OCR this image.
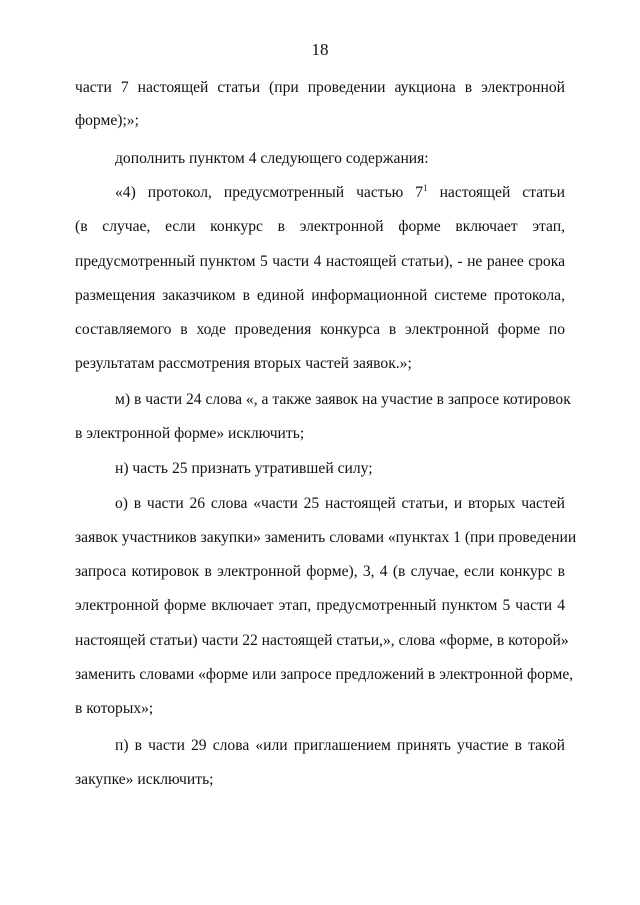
18
части 7 настоящей статьи (при проведении аукциона в электронной
форме);»;
дополнить пунктом 4 следующего содержания:
«4) протокол, предусмотренный частью $7^1$ настоящей статьи
(в случае, если конкурс в электронной форме включает этап,
предусмотренный пунктом 5 части 4 настоящей статьи), - не ранее срока
размещения заказчиком в единой информационной системе протокола,
составляемого в ходе проведения конкурса в электронной форме по
результатам рассмотрения вторых частей заявок.»;
м) в части 24 слова «, а также заявок на участие в запросе котировок
в электронной форме» исключить;
н) часть 25 признать утратившей силу;
о) в части 26 слова «части 25 настоящей статьи, и вторых частей
заявок участников закупки» заменить словами «пунктах 1 (при проведении
запроса котировок в электронной форме), 3, 4 (в случае, если конкурс в
электронной форме включает этап, предусмотренный пунктом 5 части 4
настоящей статьи) части 22 настоящей статьи,», слова «форме, в которой»
заменить словами «форме или запросе предложений в электронной форме,
в которых»;
п) в части 29 слова «или приглашением принять участие в такой
закупке» исключить;
